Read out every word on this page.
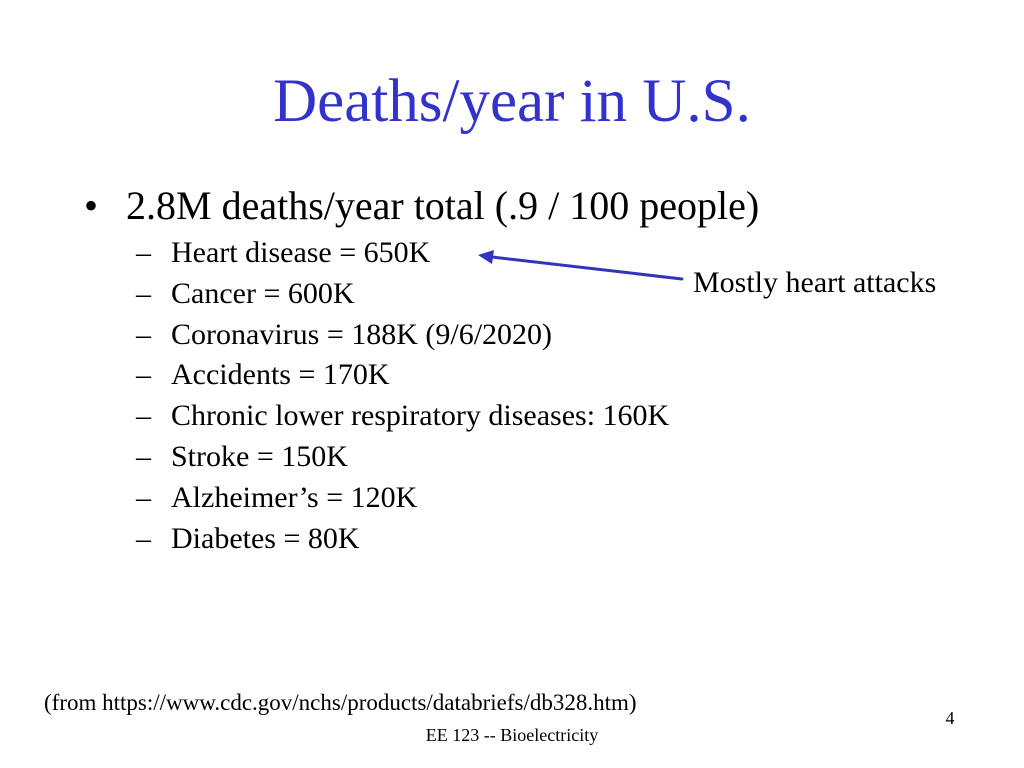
Deaths/year in U.S.
• 2.8M deaths/year total (.9 / 100 people)
– Heart disease = 650K
– Cancer = 600K
– Coronavirus = 188K (9/6/2020)
– Accidents = 170K
– Chronic lower respiratory diseases: 160K
– Stroke = 150K
– Alzheimer’s = 120K
– Diabetes = 80K
Mostly heart attacks
(from https://www.cdc.gov/nchs/products/databriefs/db328.htm)
4
EE 123 -- Bioelectricity
